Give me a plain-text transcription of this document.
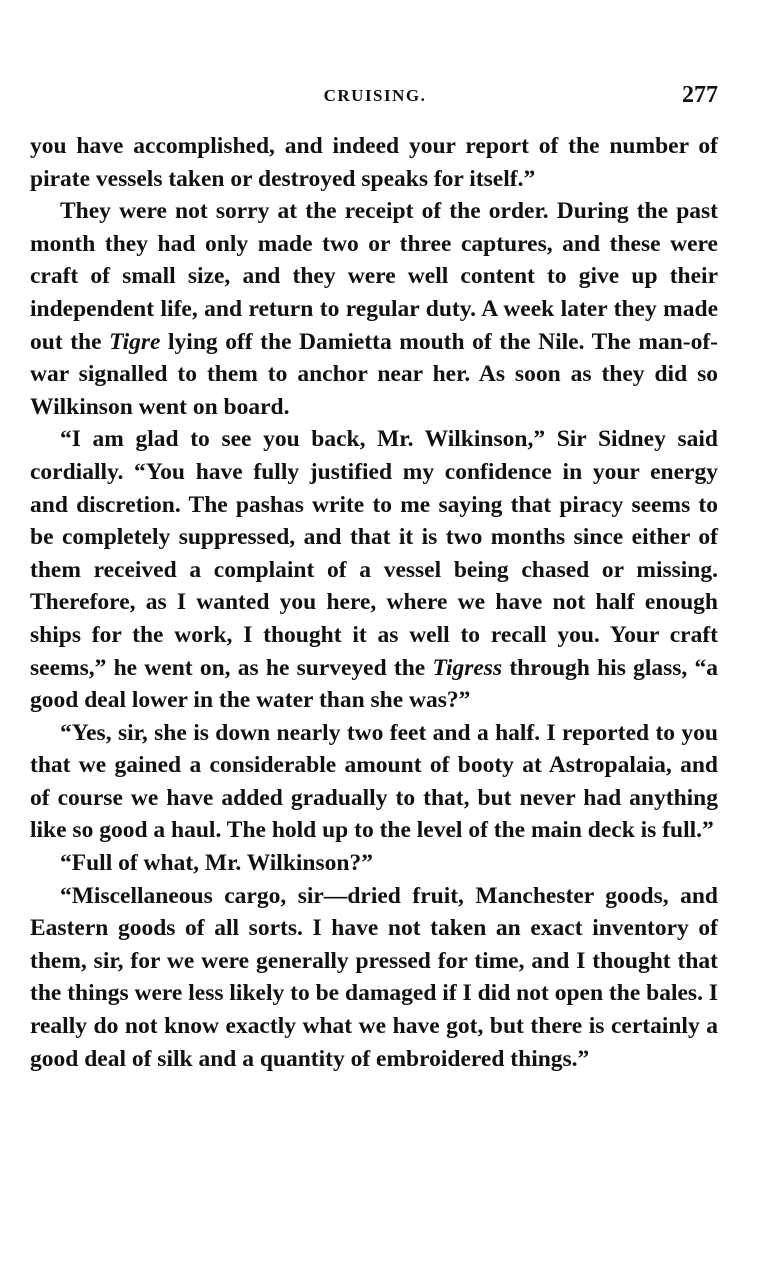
CRUISING.	277

you have accomplished, and indeed your report of the number of pirate vessels taken or destroyed speaks for itself.”

They were not sorry at the receipt of the order. During the past month they had only made two or three captures, and these were craft of small size, and they were well content to give up their independent life, and return to regular duty. A week later they made out the Tigre lying off the Damietta mouth of the Nile. The man-of-war signalled to them to anchor near her. As soon as they did so Wilkinson went on board.

“I am glad to see you back, Mr. Wilkinson,” Sir Sidney said cordially. “You have fully justified my confidence in your energy and discretion. The pashas write to me saying that piracy seems to be completely suppressed, and that it is two months since either of them received a complaint of a vessel being chased or missing. Therefore, as I wanted you here, where we have not half enough ships for the work, I thought it as well to recall you. Your craft seems,” he went on, as he surveyed the Tigress through his glass, “a good deal lower in the water than she was?”

“Yes, sir, she is down nearly two feet and a half. I reported to you that we gained a considerable amount of booty at Astropalaia, and of course we have added gradually to that, but never had anything like so good a haul. The hold up to the level of the main deck is full.”

“Full of what, Mr. Wilkinson?”

“Miscellaneous cargo, sir—dried fruit, Manchester goods, and Eastern goods of all sorts. I have not taken an exact inventory of them, sir, for we were generally pressed for time, and I thought that the things were less likely to be damaged if I did not open the bales. I really do not know exactly what we have got, but there is certainly a good deal of silk and a quantity of embroidered things.”
